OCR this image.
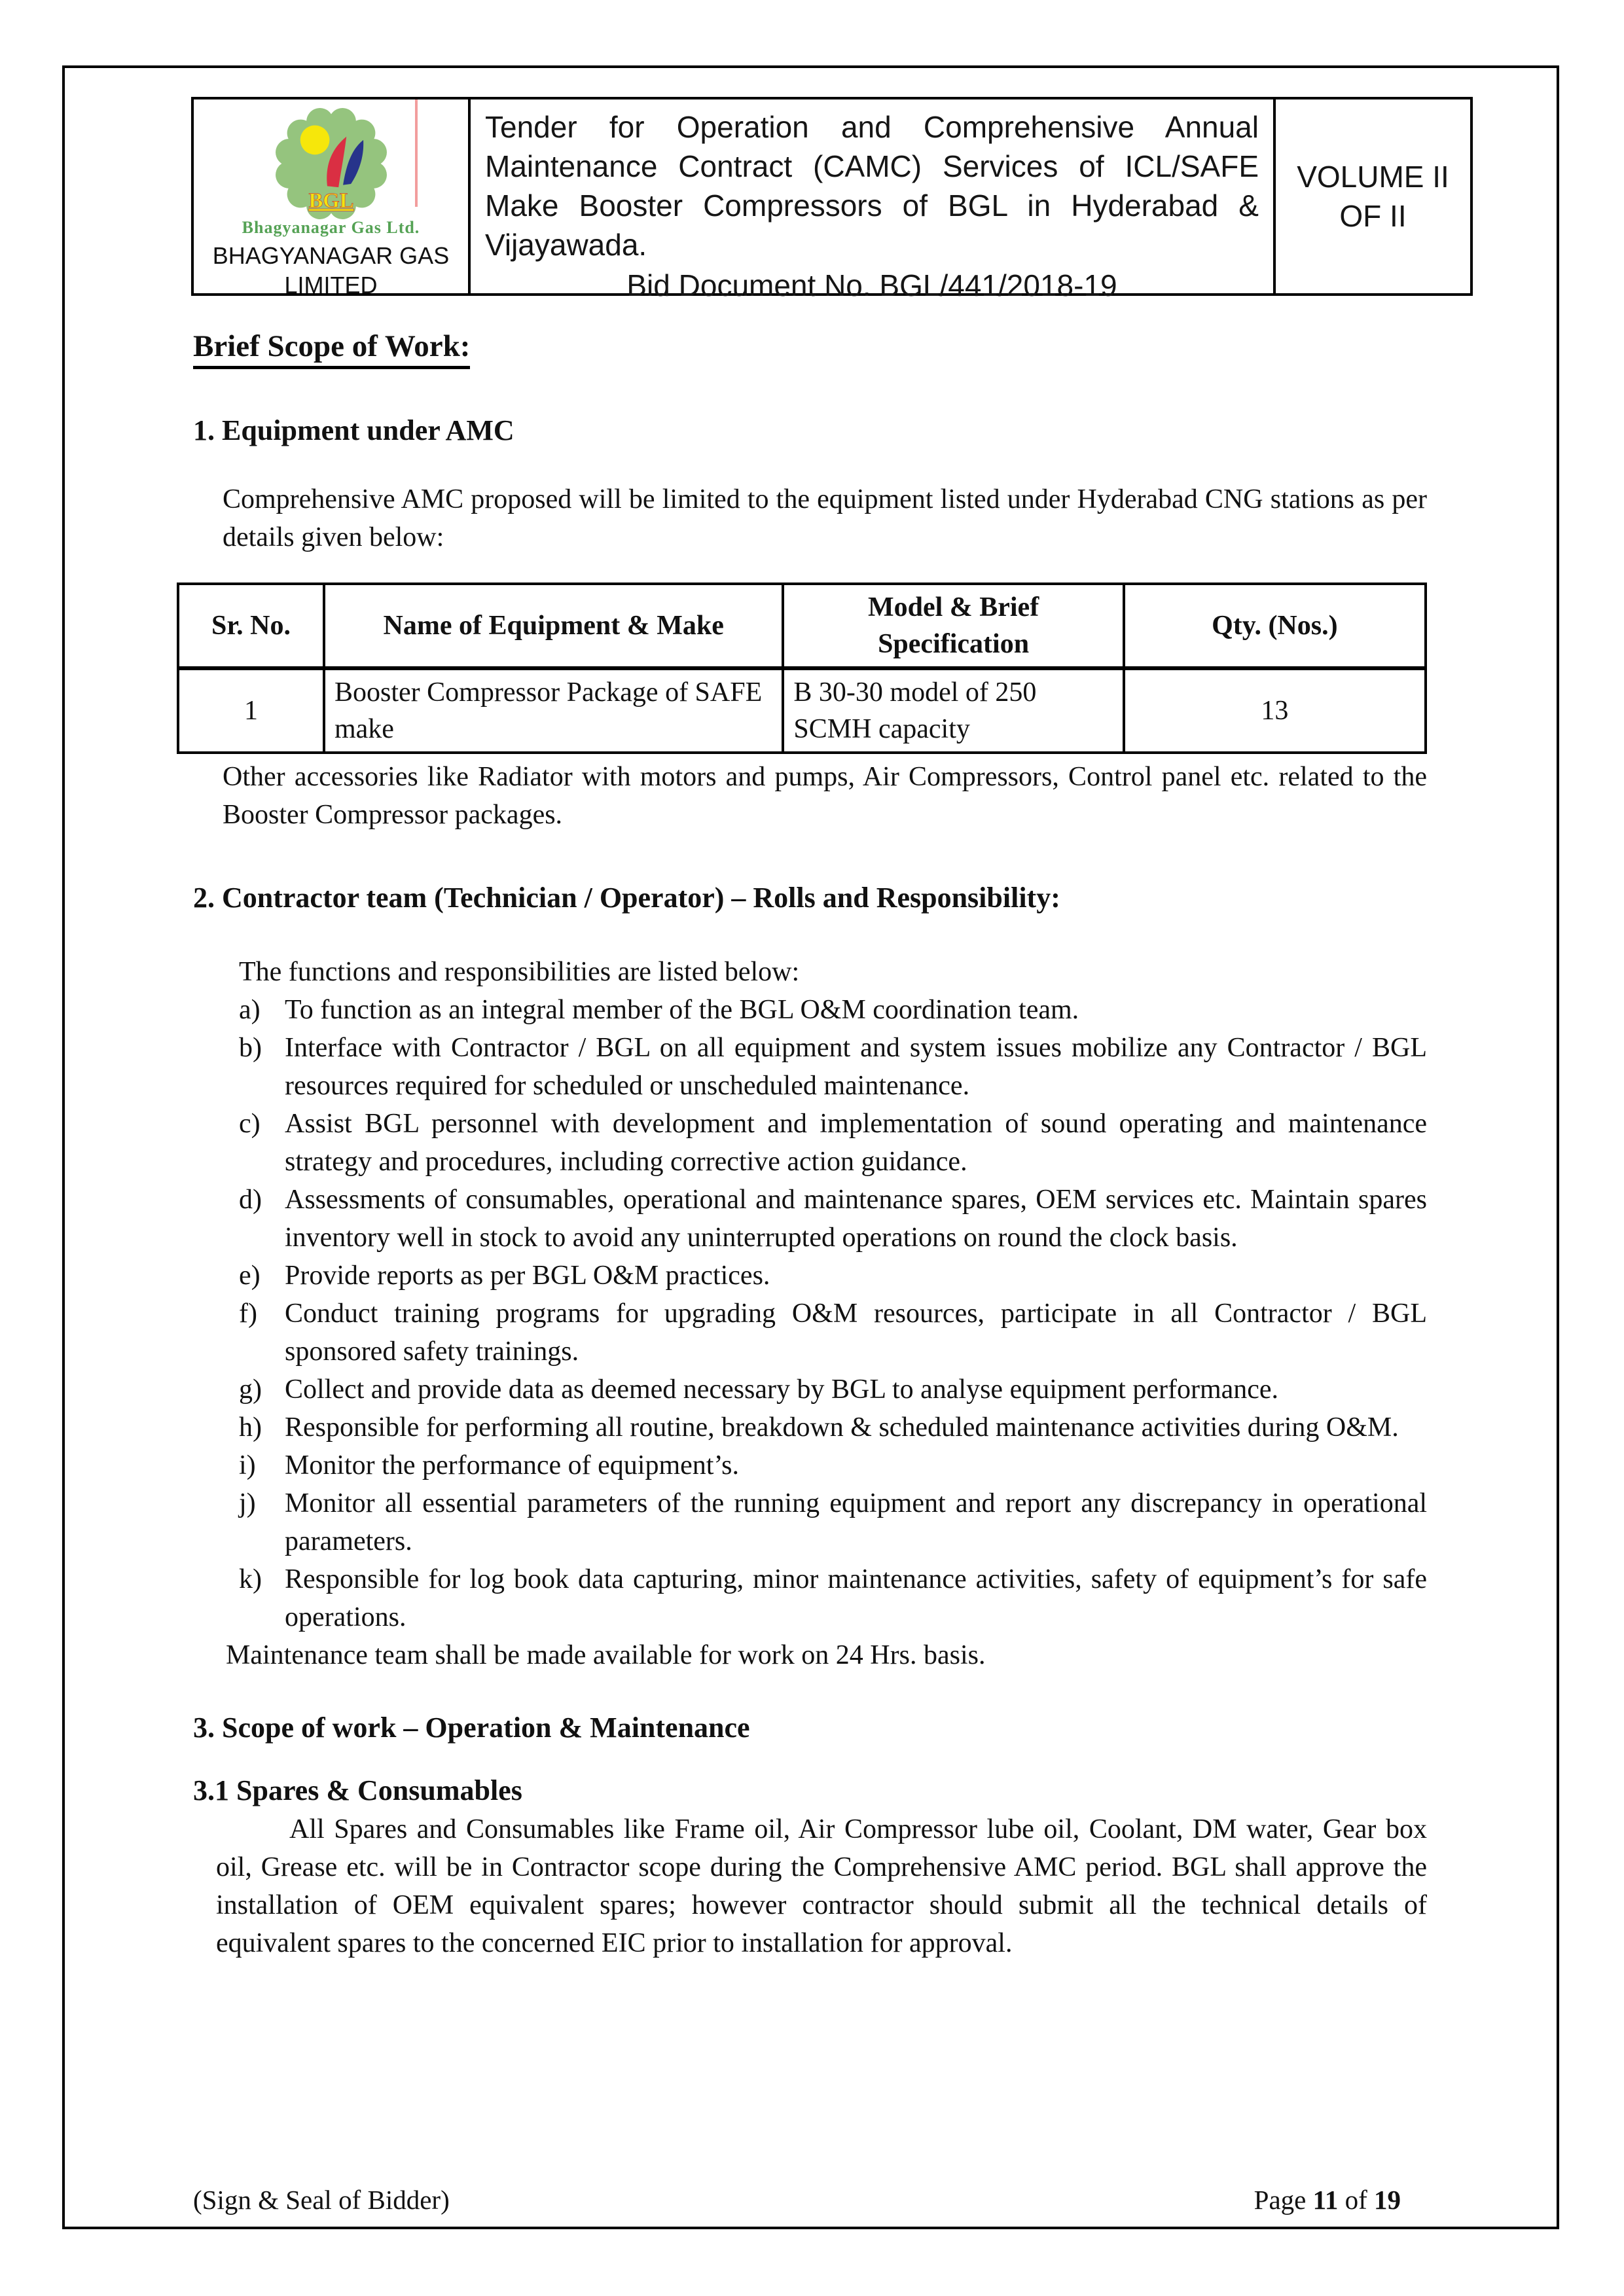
BGL
Bhagyanagar Gas Ltd.
BHAGYANAGAR GAS
LIMITED
Tender for Operation and Comprehensive Annual
Maintenance Contract (CAMC) Services of ICL/SAFE
Make Booster Compressors of BGL in Hyderabad &
Vijayawada.
Bid Document No. BGL/441/2018-19
VOLUME II
OF II
Brief Scope of Work:
1. Equipment under AMC
Comprehensive AMC proposed will be limited to the equipment listed under Hyderabad CNG stations as per details given below:
Sr. No.	Name of Equipment & Make	Model & Brief Specification	Qty. (Nos.)
1	Booster Compressor Package of SAFE make	B 30-30 model of 250 SCMH capacity	13
Other accessories like Radiator with motors and pumps, Air Compressors, Control panel etc. related to the Booster Compressor packages.
2. Contractor team (Technician / Operator) – Rolls and Responsibility:
The functions and responsibilities are listed below:
a) To function as an integral member of the BGL O&M coordination team.
b) Interface with Contractor / BGL on all equipment and system issues mobilize any Contractor / BGL resources required for scheduled or unscheduled maintenance.
c) Assist BGL personnel with development and implementation of sound operating and maintenance strategy and procedures, including corrective action guidance.
d) Assessments of consumables, operational and maintenance spares, OEM services etc. Maintain spares inventory well in stock to avoid any uninterrupted operations on round the clock basis.
e) Provide reports as per BGL O&M practices.
f) Conduct training programs for upgrading O&M resources, participate in all Contractor / BGL sponsored safety trainings.
g) Collect and provide data as deemed necessary by BGL to analyse equipment performance.
h) Responsible for performing all routine, breakdown & scheduled maintenance activities during O&M.
i) Monitor the performance of equipment’s.
j) Monitor all essential parameters of the running equipment and report any discrepancy in operational parameters.
k) Responsible for log book data capturing, minor maintenance activities, safety of equipment’s for safe operations.
Maintenance team shall be made available for work on 24 Hrs. basis.
3. Scope of work – Operation & Maintenance
3.1 Spares & Consumables
All Spares and Consumables like Frame oil, Air Compressor lube oil, Coolant, DM water, Gear box oil, Grease etc. will be in Contractor scope during the Comprehensive AMC period. BGL shall approve the installation of OEM equivalent spares; however contractor should submit all the technical details of equivalent spares to the concerned EIC prior to installation for approval.
(Sign & Seal of Bidder)	Page 11 of 19
